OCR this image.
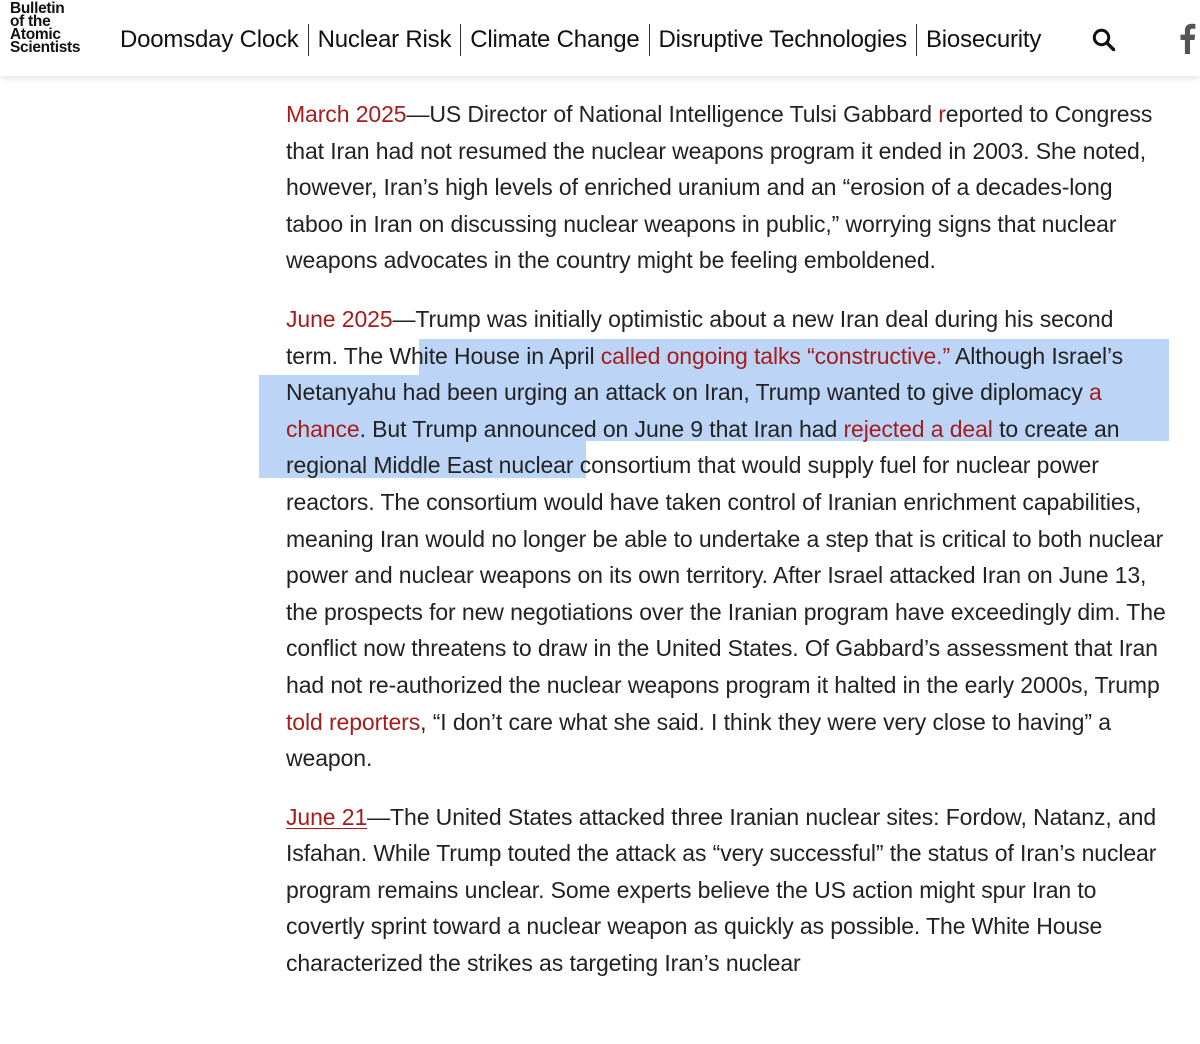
Bulletin
of the
Atomic
Scientists	Doomsday Clock Nuclear Risk Climate Change Disruptive Technologies Biosecurity

March 2025—US Director of National Intelligence Tulsi Gabbard reported to Congress that Iran had not resumed the nuclear weapons program it ended in 2003. She noted, however, Iran’s high levels of enriched uranium and an “erosion of a decades-long taboo in Iran on discussing nuclear weapons in public,” worrying signs that nuclear weapons advocates in the country might be feeling emboldened.

June 2025—Trump was initially optimistic about a new Iran deal during his second term. The White House in April called ongoing talks “constructive.” Although Israel’s Netanyahu had been urging an attack on Iran, Trump wanted to give diplomacy a chance. But Trump announced on June 9 that Iran had rejected a deal to create an regional Middle East nuclear consortium that would supply fuel for nuclear power reactors. The consortium would have taken control of Iranian enrichment capabilities, meaning Iran would no longer be able to undertake a step that is critical to both nuclear power and nuclear weapons on its own territory. After Israel attacked Iran on June 13, the prospects for new negotiations over the Iranian program have exceedingly dim. The conflict now threatens to draw in the United States. Of Gabbard’s assessment that Iran had not re-authorized the nuclear weapons program it halted in the early 2000s, Trump told reporters, “I don’t care what she said. I think they were very close to having” a weapon.

June 21—The United States attacked three Iranian nuclear sites: Fordow, Natanz, and Isfahan. While Trump touted the attack as “very successful” the status of Iran’s nuclear program remains unclear. Some experts believe the US action might spur Iran to covertly sprint toward a nuclear weapon as quickly as possible. The White House characterized the strikes as targeting Iran’s nuclear
